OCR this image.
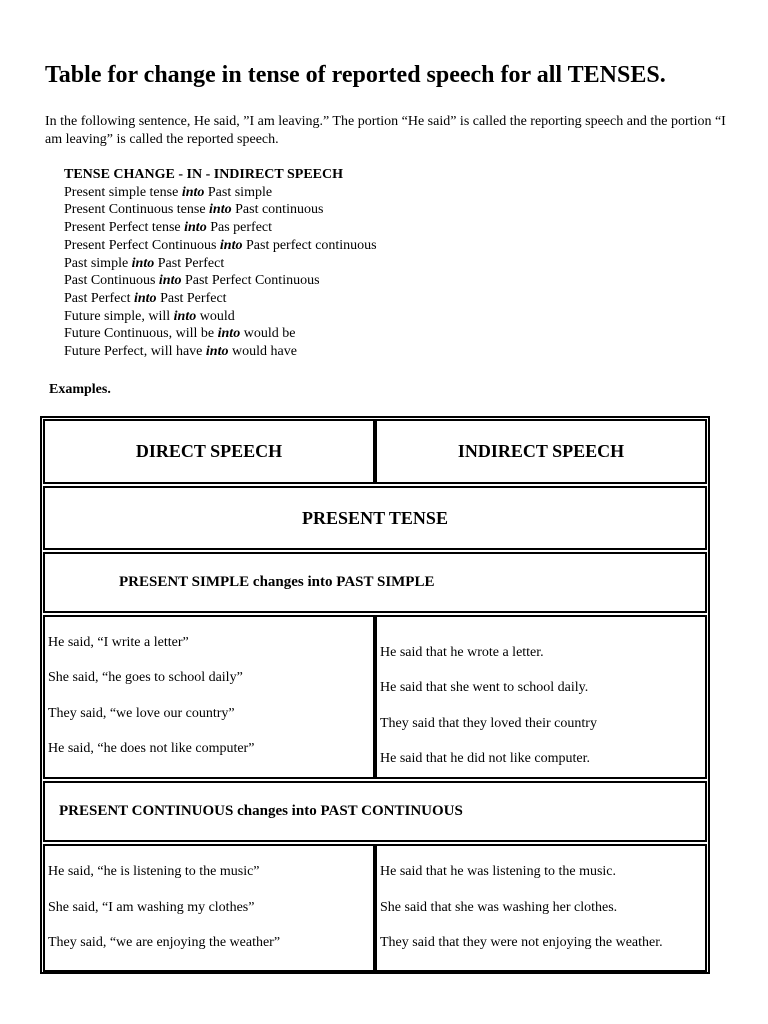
Table for change in tense of reported speech for all TENSES.

In the following sentence, He said, ”I am leaving.” The portion “He said” is called the reporting speech and the portion “I am leaving” is called the reported speech.

TENSE CHANGE - IN - INDIRECT SPEECH
Present simple tense into Past simple
Present Continuous tense into Past continuous
Present Perfect tense into Pas perfect
Present Perfect Continuous into Past perfect continuous
Past simple into Past Perfect
Past Continuous into Past Perfect Continuous
Past Perfect into Past Perfect
Future simple, will into would
Future Continuous, will be into would be
Future Perfect, will have into would have
Examples.
DIRECT SPEECH	INDIRECT SPEECH
PRESENT TENSE
PRESENT SIMPLE changes into PAST SIMPLE
He said, “I write a letter”
She said, “he goes to school daily”
They said, “we love our country”
He said, “he does not like computer”
He said that he wrote a letter.
He said that she went to school daily.
They said that they loved their country
He said that he did not like computer.
PRESENT CONTINUOUS changes into PAST CONTINUOUS
He said, “he is listening to the music”
She said, “I am washing my clothes”
They said, “we are enjoying the weather”
He said that he was listening to the music.
She said that she was washing her clothes.
They said that they were not enjoying the weather.
